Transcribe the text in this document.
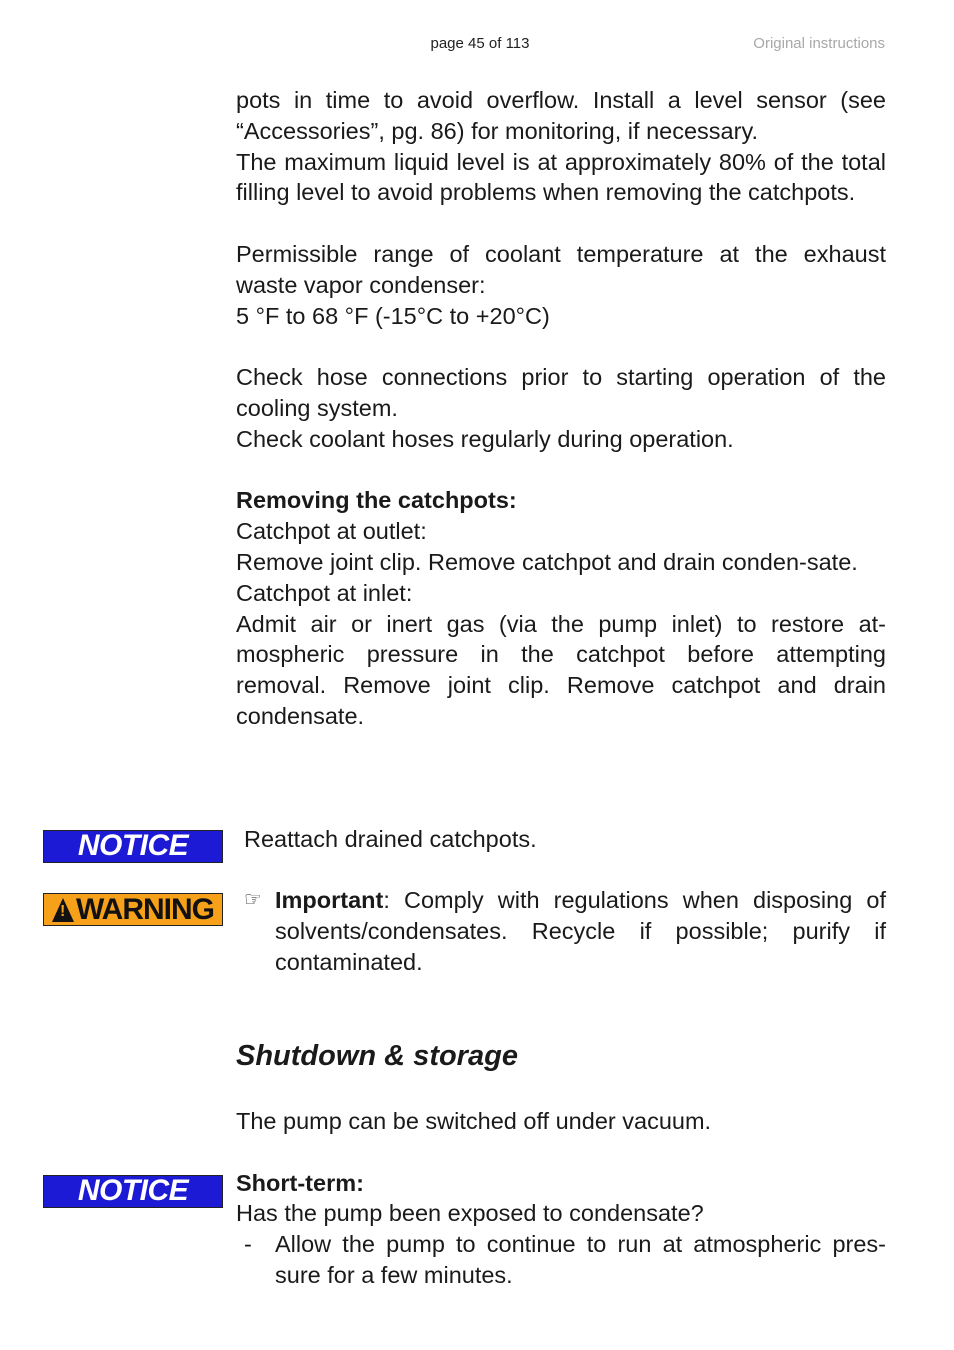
page 45 of 113	Original instructions

pots in time to avoid overflow. Install a level sensor (see “Accessories”, pg. 86) for monitoring, if necessary.

The maximum liquid level is at approximately 80% of the total filling level to avoid problems when removing the catchpots.

Permissible range of coolant temperature at the exhaust waste vapor condenser:

5 °F to 68 °F (-15°C to +20°C)

Check hose connections prior to starting operation of the cooling system.

Check coolant hoses regularly during operation.

Removing the catchpots:

Catchpot at outlet:

Remove joint clip. Remove catchpot and drain conden-sate.

Catchpot at inlet:

Admit air or inert gas (via the pump inlet) to restore at-mospheric pressure in the catchpot before attempting removal. Remove joint clip. Remove catchpot and drain condensate.

NOTICE	Reattach drained catchpots.
! WARNING	☞ Important: Comply with regulations when disposing of solvents/condensates. Recycle if possible; purify if contaminated.
Shutdown & storage

The pump can be switched off under vacuum.

Short-term:

Has the pump been exposed to condensate?

- Allow the pump to continue to run at atmospheric pres-sure for a few minutes.
NOTICE
